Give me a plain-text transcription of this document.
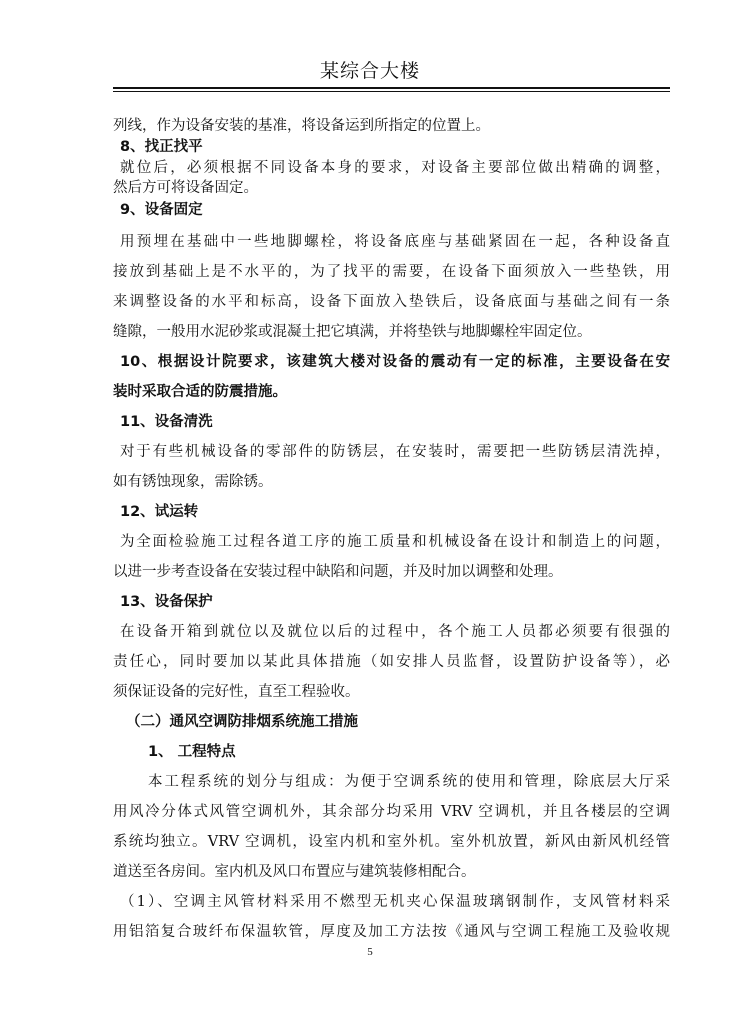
某综合大楼
列线，作为设备安装的基准，将设备运到所指定的位置上。
8、找正找平
就位后，必须根据不同设备本身的要求，对设备主要部位做出精确的调整，
然后方可将设备固定。
9、设备固定
用预埋在基础中一些地脚螺栓，将设备底座与基础紧固在一起，各种设备直
接放到基础上是不水平的，为了找平的需要，在设备下面须放入一些垫铁，用
来调整设备的水平和标高，设备下面放入垫铁后，设备底面与基础之间有一条
缝隙，一般用水泥砂浆或混凝土把它填满，并将垫铁与地脚螺栓牢固定位。
10、根据设计院要求，该建筑大楼对设备的震动有一定的标准，主要设备在安
装时采取合适的防震措施。
11、设备清洗
对于有些机械设备的零部件的防锈层，在安装时，需要把一些防锈层清洗掉，
如有锈蚀现象，需除锈。
12、试运转
为全面检验施工过程各道工序的施工质量和机械设备在设计和制造上的问题，
以进一步考查设备在安装过程中缺陷和问题，并及时加以调整和处理。
13、设备保护
在设备开箱到就位以及就位以后的过程中，各个施工人员都必须要有很强的
责任心，同时要加以某此具体措施（如安排人员监督，设置防护设备等），必
须保证设备的完好性，直至工程验收。
（二）通风空调防排烟系统施工措施
1、 工程特点
本工程系统的划分与组成：为便于空调系统的使用和管理，除底层大厅采
用风冷分体式风管空调机外，其余部分均采用 VRV 空调机，并且各楼层的空调
系统均独立。VRV 空调机，设室内机和室外机。室外机放置，新风由新风机经管
道送至各房间。室内机及风口布置应与建筑装修相配合。
（1）、空调主风管材料采用不燃型无机夹心保温玻璃钢制作，支风管材料采
用铝箔复合玻纤布保温软管，厚度及加工方法按《通风与空调工程施工及验收规
5
